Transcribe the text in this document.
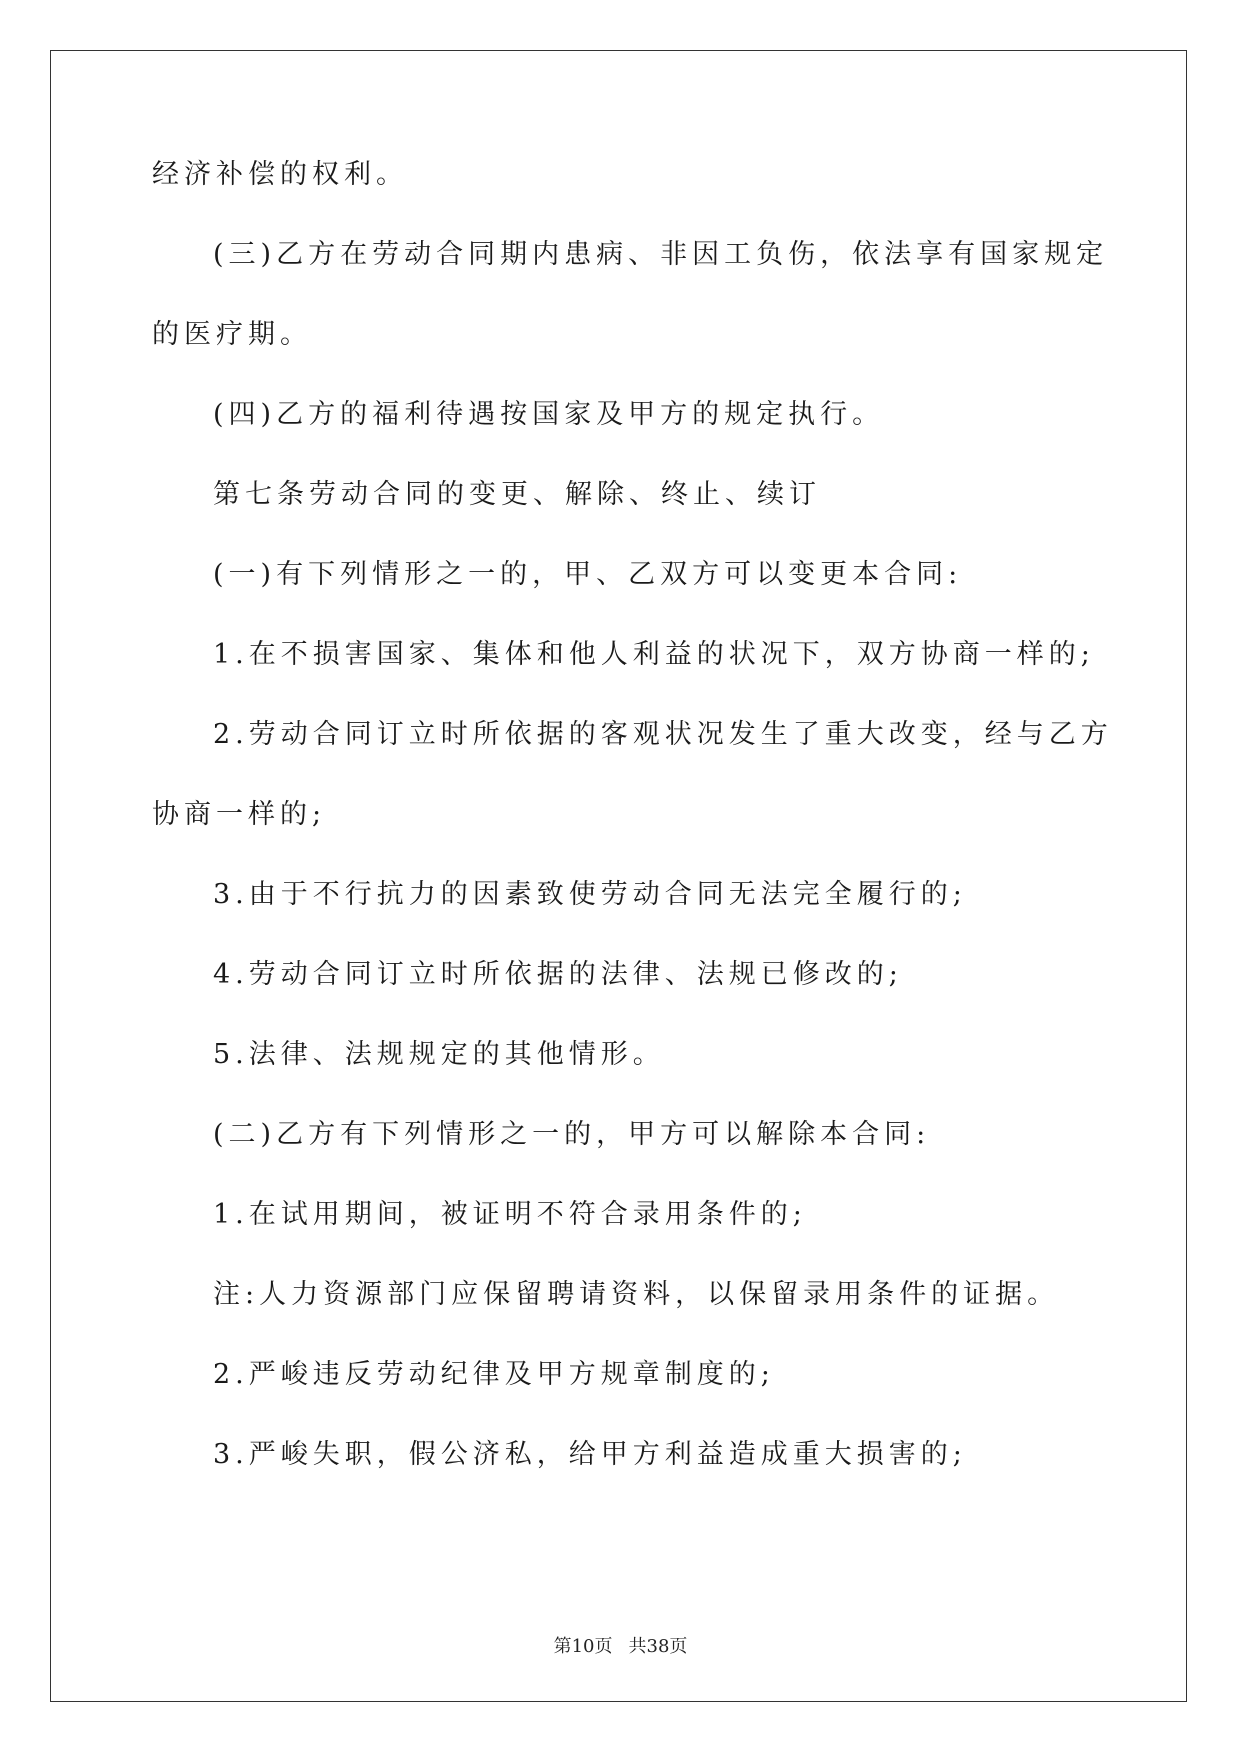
经济补偿的权利。
(三)乙方在劳动合同期内患病、非因工负伤，依法享有国家规定
的医疗期。
(四)乙方的福利待遇按国家及甲方的规定执行。
第七条劳动合同的变更、解除、终止、续订
(一)有下列情形之一的，甲、乙双方可以变更本合同:
1.在不损害国家、集体和他人利益的状况下，双方协商一样的;
2.劳动合同订立时所依据的客观状况发生了重大改变，经与乙方
协商一样的;
3.由于不行抗力的因素致使劳动合同无法完全履行的;
4.劳动合同订立时所依据的法律、法规已修改的;
5.法律、法规规定的其他情形。
(二)乙方有下列情形之一的，甲方可以解除本合同:
1.在试用期间，被证明不符合录用条件的;
注:人力资源部门应保留聘请资料，以保留录用条件的证据。
2.严峻违反劳动纪律及甲方规章制度的;
3.严峻失职，假公济私，给甲方利益造成重大损害的;
第10页 共38页
